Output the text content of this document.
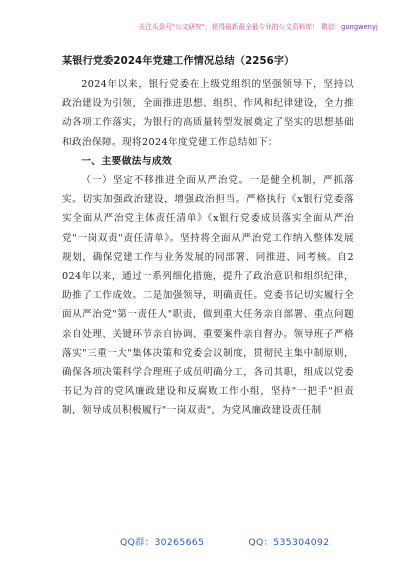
关注头条号"公文研究"，获得最新最全最专业的公文资料库！ 微信：gongwenyj
某银行党委2024年党建工作情况总结（2256字）

2024年以来，银行党委在上级党组织的坚强领导下，坚持以政治建设为引领，全面推进思想、组织、作风和纪律建设，全力推动各项工作落实，为银行的高质量转型发展奠定了坚实的思想基础和政治保障。现将2024年度党建工作总结如下：

一、主要做法与成效

（一）坚定不移推进全面从严治党。一是健全机制，严抓落实。切实加强政治建设，增强政治担当。严格执行《x银行党委落实全面从严治党主体责任清单》《x银行党委成员落实全面从严治党"一岗双责"责任清单》。坚持将全面从严治党工作纳入整体发展规划，确保党建工作与业务发展的同部署、同推进、同考核。自2024年以来，通过一系列细化措施，提升了政治意识和组织纪律，助推了工作成效。二是加强领导，明确责任。党委书记切实履行全面从严治党"第一责任人"职责，做到重大任务亲自部署、重点问题亲自处理、关键环节亲自协调、重要案件亲自督办。领导班子严格落实"三重一大"集体决策和党委会议制度，贯彻民主集中制原则，确保各项决策科学合理班子成员明确分工，各司其职，组成以党委书记为首的党风廉政建设和反腐败工作小组，坚持"一把手"担责制，领导成员积极履行"一岗双责"，为党风廉政建设责任制

QQ群：30265665	QQ：535304092
